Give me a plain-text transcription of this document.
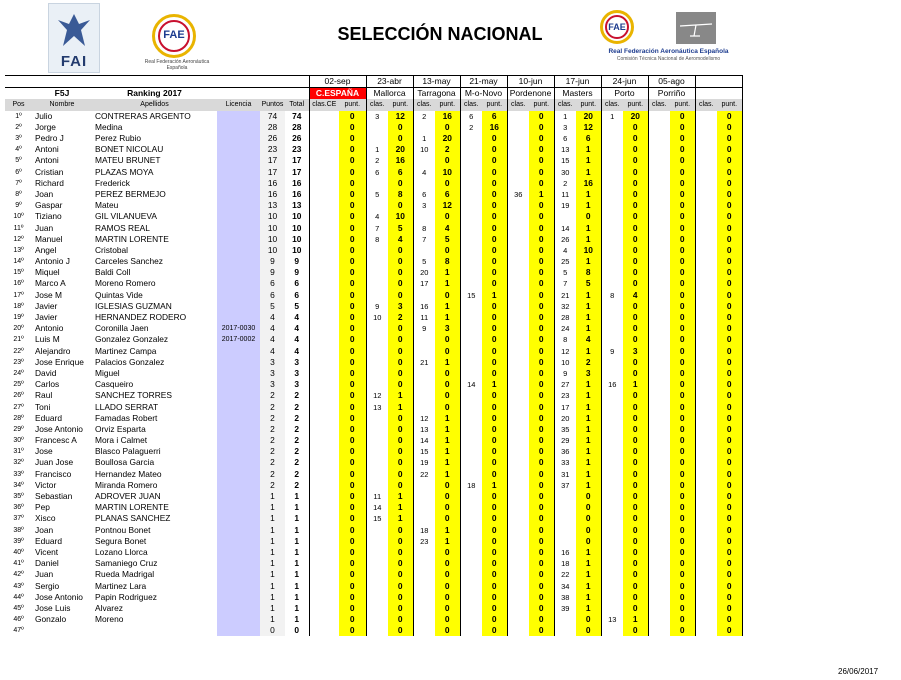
FAI
FAE
Real Federación Aeronáutica Española
SELECCIÓN NACIONAL	FAE
Real Federación Aeronáutica Española
Comisión Técnica Nacional de Aeromodelismo
						02-sep		23-abr		13-may		21-may		10-jun		17-jun		24-jun		05-ago			
	F5J	Ranking 2017				C.ESPAÑA		Mallorca		Tarragona		M-o-Novo		Pordenone		Masters		Porto		Porriño			
Pos	Nombre	Apellidos	Licencia	Puntos	Total	clas.CE	punt.	clas.	punt.	clas.	punt.	clas.	punt.	clas.	punt.	clas.	punt.	clas.	punt.	clas.	punt.	clas.	punt.
1º	Julio	CONTRERAS ARGENTO		74	74		0	3	12	2	16	6	6		0	1	20	1	20		0		0
2º	Jorge	Medina		28	28		0		0		0	2	16		0	3	12		0		0		0
3º	Pedro J	Perez Rubio		26	26		0		0	1	20		0		0	6	6		0		0		0
4º	Antoni	BONET NICOLAU		23	23		0	1	20	10	2		0		0	13	1		0		0		0
5º	Antoni	MATEU BRUNET		17	17		0	2	16		0		0		0	15	1		0		0		0
6º	Cristian	PLAZAS MOYA		17	17		0	6	6	4	10		0		0	30	1		0		0		0
7º	Richard	Frederick		16	16		0		0		0		0		0	2	16		0		0		0
8º	Joan	PEREZ BERMEJO		16	16		0	5	8	6	6		0	36	1	11	1		0		0		0
9º	Gaspar	Mateu		13	13		0		0	3	12		0		0	19	1		0		0		0
10º	Tiziano	GIL VILANUEVA		10	10		0	4	10		0		0		0		0		0		0		0
11º	Juan	RAMOS REAL		10	10		0	7	5	8	4		0		0	14	1		0		0		0
12º	Manuel	MARTIN LORENTE		10	10		0	8	4	7	5		0		0	26	1		0		0		0
13º	Angel	Cristobal		10	10		0		0		0		0		0	4	10		0		0		0
14º	Antonio J	Carceles Sanchez		9	9		0		0	5	8		0		0	25	1		0		0		0
15º	Miquel	Baldi Coll		9	9		0		0	20	1		0		0	5	8		0		0		0
16º	Marco A	Moreno Romero		6	6		0		0	17	1		0		0	7	5		0		0		0
17º	Jose M	Quintas Vide		6	6		0		0		0	15	1		0	21	1	8	4		0		0
18º	Javier	IGLESIAS GUZMAN		5	5		0	9	3	16	1		0		0	32	1		0		0		0
19º	Javier	HERNANDEZ RODERO		4	4		0	10	2	11	1		0		0	28	1		0		0		0
20º	Antonio	Coronilla Jaen	2017-0030	4	4		0		0	9	3		0		0	24	1		0		0		0
21º	Luis M	Gonzalez Gonzalez	2017-0002	4	4		0		0		0		0		0	8	4		0		0		0
22º	Alejandro	Martinez Campa		4	4		0		0		0		0		0	12	1	9	3		0		0
23º	Jose Enrique	Palacios Gonzalez		3	3		0		0	21	1		0		0	10	2		0		0		0
24º	David	Miguel		3	3		0		0		0		0		0	9	3		0		0		0
25º	Carlos	Casqueiro		3	3		0		0		0	14	1		0	27	1	16	1		0		0
26º	Raul	SANCHEZ TORRES		2	2		0	12	1		0		0		0	23	1		0		0		0
27º	Toni	LLADO SERRAT		2	2		0	13	1		0		0		0	17	1		0		0		0
28º	Eduard	Famadas Robert		2	2		0		0	12	1		0		0	20	1		0		0		0
29º	Jose Antonio	Orviz Esparta		2	2		0		0	13	1		0		0	35	1		0		0		0
30º	Francesc A	Mora i Calmet		2	2		0		0	14	1		0		0	29	1		0		0		0
31º	Jose	Blasco Palaguerri		2	2		0		0	15	1		0		0	36	1		0		0		0
32º	Juan Jose	Boullosa Garcia		2	2		0		0	19	1		0		0	33	1		0		0		0
33º	Francisco	Hernandez Mateo		2	2		0		0	22	1		0		0	31	1		0		0		0
34º	Victor	Miranda Romero		2	2		0		0		0	18	1		0	37	1		0		0		0
35º	Sebastian	ADROVER JUAN		1	1		0	11	1		0		0		0		0		0		0		0
36º	Pep	MARTIN LORENTE		1	1		0	14	1		0		0		0		0		0		0		0
37º	Xisco	PLANAS SANCHEZ		1	1		0	15	1		0		0		0		0		0		0		0
38º	Joan	Pontnou Bonet		1	1		0		0	18	1		0		0		0		0		0		0
39º	Eduard	Segura Bonet		1	1		0		0	23	1		0		0		0		0		0		0
40º	Vicent	Lozano Llorca		1	1		0		0		0		0		0	16	1		0		0		0
41º	Daniel	Samaniego Cruz		1	1		0		0		0		0		0	18	1		0		0		0
42º	Juan	Rueda Madrigal		1	1		0		0		0		0		0	22	1		0		0		0
43º	Sergio	Martinez Lara		1	1		0		0		0		0		0	34	1		0		0		0
44º	Jose Antonio	Papin Rodriguez		1	1		0		0		0		0		0	38	1		0		0		0
45º	Jose Luis	Alvarez		1	1		0		0		0		0		0	39	1		0		0		0
46º	Gonzalo	Moreno		1	1		0		0		0		0		0		0	13	1		0		0
47º				0	0		0		0		0		0		0		0		0		0		0
26/06/2017
